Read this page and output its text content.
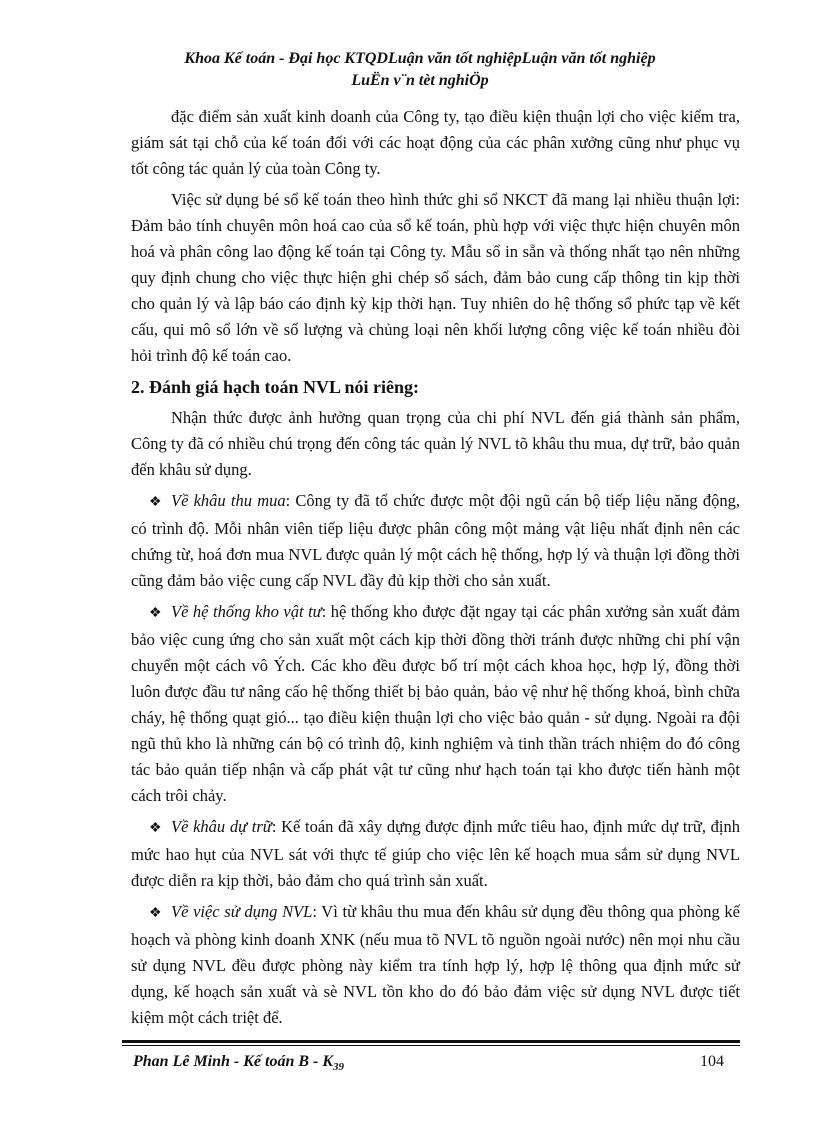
Khoa Kế toán - Đại học KTQDLuận văn tốt nghiệpLuận văn tốt nghiệp
LuËn v¨n tèt nghiÖp

đặc điểm sản xuất kinh doanh của Công ty, tạo điều kiện thuận lợi cho việc kiểm tra, giám sát tại chỗ của kế toán đối với các hoạt động của các phân xưởng cũng như phục vụ tốt công tác quản lý của toàn Công ty.

Việc sử dụng bé sổ kế toán theo hình thức ghi sổ NKCT đã mang lại nhiều thuận lợi: Đảm bảo tính chuyên môn hoá cao của sổ kế toán, phù hợp với việc thực hiện chuyên môn hoá và phân công lao động kế toán tại Công ty. Mẫu sổ in sẵn và thống nhất tạo nên những quy định chung cho việc thực hiện ghi chép sổ sách, đảm bảo cung cấp thông tin kịp thời cho quản lý và lập báo cáo định kỳ kịp thời hạn. Tuy nhiên do hệ thống sổ phức tạp về kết cấu, qui mô sổ lớn về số lượng và chủng loại nên khối lượng công việc kế toán nhiều đòi hỏi trình độ kế toán cao.

2. Đánh giá hạch toán NVL nói riêng:

Nhận thức được ảnh hưởng quan trọng của chi phí NVL đến giá thành sản phẩm, Công ty đã có nhiều chú trọng đến công tác quản lý NVL tõ khâu thu mua, dự trữ, bảo quản đến khâu sử dụng.

❖ Về khâu thu mua: Công ty đã tổ chức được một đội ngũ cán bộ tiếp liệu năng động, có trình độ. Mỗi nhân viên tiếp liệu được phân công một mảng vật liệu nhất định nên các chứng từ, hoá đơn mua NVL được quản lý một cách hệ thống, hợp lý và thuận lợi đồng thời cũng đảm bảo việc cung cấp NVL đầy đủ kịp thời cho sản xuất.

❖ Về hệ thống kho vật tư: hệ thống kho được đặt ngay tại các phân xưởng sản xuất đảm bảo việc cung ứng cho sản xuất một cách kịp thời đồng thời tránh được những chi phí vận chuyển một cách vô Ých. Các kho đều được bố trí một cách khoa học, hợp lý, đồng thời luôn được đầu tư nâng cấo hệ thống thiết bị bảo quản, bảo vệ như hệ thống khoá, bình chữa cháy, hệ thống quạt gió... tạo điều kiện thuận lợi cho việc bảo quản - sử dụng. Ngoài ra đội ngũ thủ kho là những cán bộ có trình độ, kinh nghiệm và tinh thần trách nhiệm do đó công tác bảo quản tiếp nhận và cấp phát vật tư cũng như hạch toán tại kho được tiến hành một cách trôi chảy.

❖ Về khâu dự trữ: Kế toán đã xây dựng được định mức tiêu hao, định mức dự trữ, định mức hao hụt của NVL sát với thực tế giúp cho việc lên kế hoạch mua sắm sử dụng NVL được diễn ra kịp thời, bảo đảm cho quá trình sản xuất.

❖ Về việc sử dụng NVL: Vì từ khâu thu mua đến khâu sử dụng đều thông qua phòng kế hoạch và phòng kinh doanh XNK (nếu mua tõ NVL tõ nguồn ngoài nước) nên mọi nhu cầu sử dụng NVL đều được phòng này kiểm tra tính hợp lý, hợp lệ thông qua định mức sử dụng, kế hoạch sản xuất và sè NVL tồn kho do đó bảo đảm việc sử dụng NVL được tiết kiệm một cách triệt để.

Phan Lê Minh - Kế toán B - $K_{39}$	104
